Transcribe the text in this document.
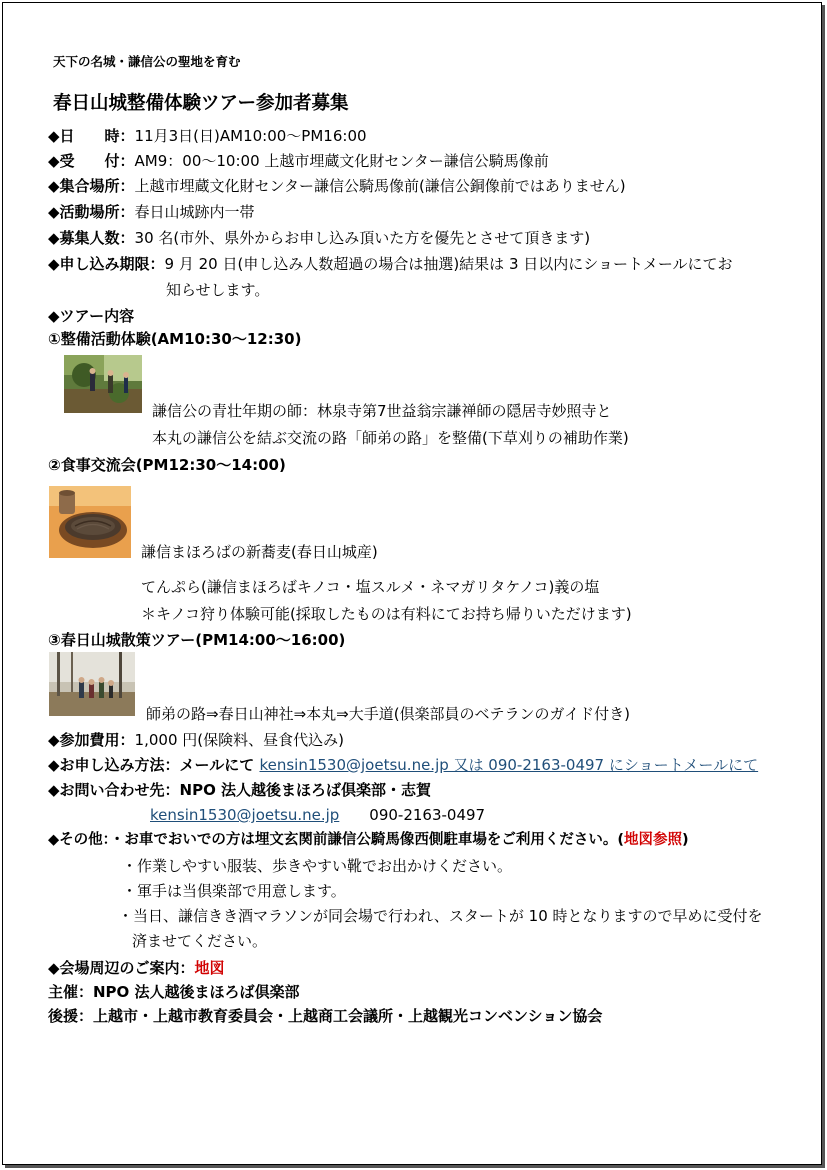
天下の名城・謙信公の聖地を育む
春日山城整備体験ツアー参加者募集
◆日　　時：11月3日(日)AM10:00～PM16:00
◆受　　付：AM9：00～10:00 上越市埋蔵文化財センター謙信公騎馬像前
◆集合場所：上越市埋蔵文化財センター謙信公騎馬像前(謙信公銅像前ではありません)
◆活動場所：春日山城跡内一帯
◆募集人数：30 名(市外、県外からお申し込み頂いた方を優先とさせて頂きます)
◆申し込み期限：9 月 20 日(申し込み人数超過の場合は抽選)結果は 3 日以内にショートメールにてお
知らせします。
◆ツアー内容
①整備活動体験(AM10:30～12:30)
謙信公の青壮年期の師：林泉寺第7世益翁宗謙禅師の隠居寺妙照寺と
本丸の謙信公を結ぶ交流の路「師弟の路」を整備(下草刈りの補助作業)
②食事交流会(PM12:30～14:00)
謙信まほろばの新蕎麦(春日山城産)
てんぷら(謙信まほろばキノコ・塩スルメ・ネマガリタケノコ)義の塩
＊キノコ狩り体験可能(採取したものは有料にてお持ち帰りいただけます)
③春日山城散策ツアー(PM14:00～16:00)
師弟の路⇒春日山神社⇒本丸⇒大手道(倶楽部員のベテランのガイド付き)
◆参加費用：1,000 円(保険料、昼食代込み)
◆お申し込み方法：メールにて kensin1530@joetsu.ne.jp 又は 090-2163-0497 にショートメールにて
◆お問い合わせ先：NPO 法人越後まほろば倶楽部・志賀
kensin1530@joetsu.ne.jp 090-2163-0497
◆その他：・お車でおいでの方は埋文玄関前謙信公騎馬像西側駐車場をご利用ください。(地図参照)
・作業しやすい服装、歩きやすい靴でお出かけください。
・軍手は当倶楽部で用意します。
・当日、謙信きき酒マラソンが同会場で行われ、スタートが 10 時となりますので早めに受付を
済ませてください。
◆会場周辺のご案内：地図
主催：NPO 法人越後まほろば倶楽部
後援：上越市・上越市教育委員会・上越商工会議所・上越観光コンベンション協会
